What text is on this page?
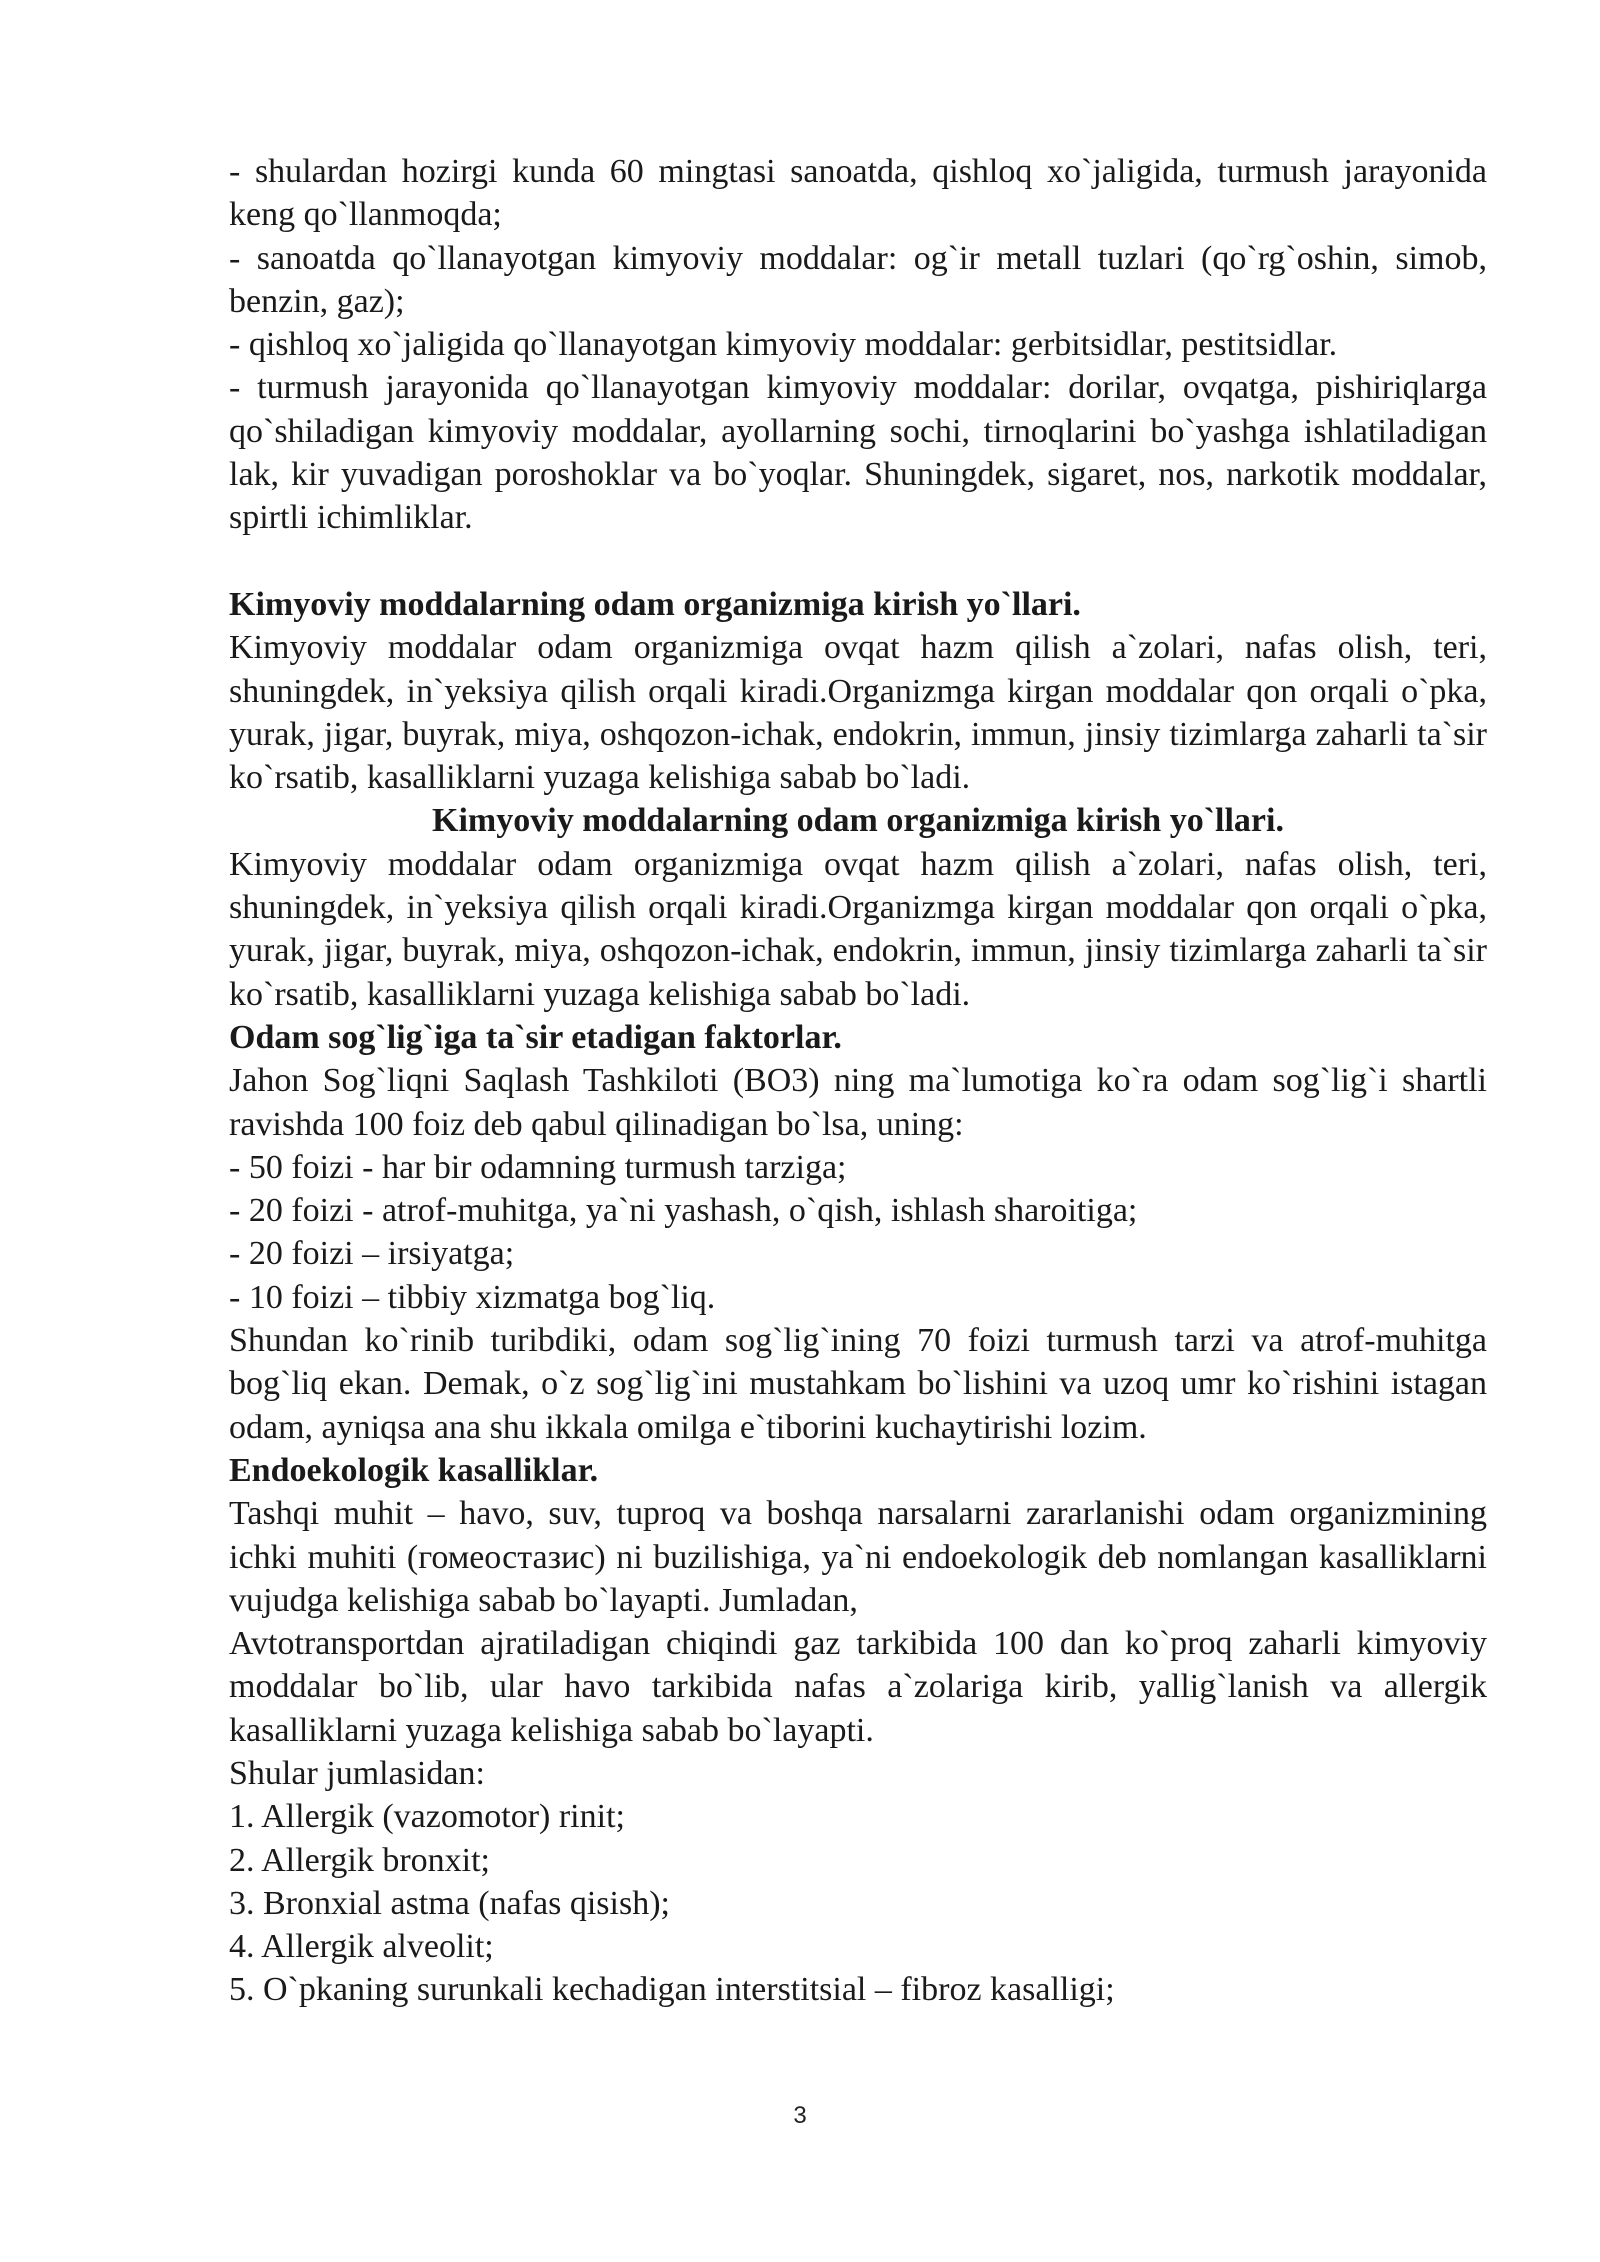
- shulardan hozirgi kunda 60 mingtasi sanoatda, qishloq xo`jaligida, turmush jarayonida keng qo`llanmoqda;

- sanoatda qo`llanayotgan kimyoviy moddalar: og`ir metall tuzlari (qo`rg`oshin, simob, benzin, gaz);

- qishloq xo`jaligida qo`llanayotgan kimyoviy moddalar: gerbitsidlar, pestitsidlar.

- turmush jarayonida qo`llanayotgan kimyoviy moddalar: dorilar, ovqatga, pishiriqlarga qo`shiladigan kimyoviy moddalar, ayollarning sochi, tirnoqlarini bo`yashga ishlatiladigan lak, kir yuvadigan poroshoklar va bo`yoqlar. Shuningdek, sigaret, nos, narkotik moddalar, spirtli ichimliklar.

Kimyoviy moddalarning odam organizmiga kirish yo`llari.

Kimyoviy moddalar odam organizmiga ovqat hazm qilish a`zolari, nafas olish, teri, shuningdek, in`yeksiya qilish orqali kiradi.Organizmga kirgan moddalar qon orqali o`pka, yurak, jigar, buyrak, miya, oshqozon-ichak, endokrin, immun, jinsiy tizimlarga zaharli ta`sir ko`rsatib, kasalliklarni yuzaga kelishiga sabab bo`ladi.

Kimyoviy moddalarning odam organizmiga kirish yo`llari.

Kimyoviy moddalar odam organizmiga ovqat hazm qilish a`zolari, nafas olish, teri, shuningdek, in`yeksiya qilish orqali kiradi.Organizmga kirgan moddalar qon orqali o`pka, yurak, jigar, buyrak, miya, oshqozon-ichak, endokrin, immun, jinsiy tizimlarga zaharli ta`sir ko`rsatib, kasalliklarni yuzaga kelishiga sabab bo`ladi.

Odam sog`lig`iga ta`sir etadigan faktorlar.

Jahon Sog`liqni Saqlash Tashkiloti (BO3) ning ma`lumotiga ko`ra odam sog`lig`i shartli ravishda 100 foiz deb qabul qilinadigan bo`lsa, uning:

- 50 foizi - har bir odamning turmush tarziga;
- 20 foizi - atrof-muhitga, ya`ni yashash, o`qish, ishlash sharoitiga;
- 20 foizi – irsiyatga;
- 10 foizi – tibbiy xizmatga bog`liq.

Shundan ko`rinib turibdiki, odam sog`lig`ining 70 foizi turmush tarzi va atrof-muhitga bog`liq ekan. Demak, o`z sog`lig`ini mustahkam bo`lishini va uzoq umr ko`rishini istagan odam, ayniqsa ana shu ikkala omilga e`tiborini kuchaytirishi lozim.

Endoekologik kasalliklar.

Tashqi muhit – havo, suv, tuproq va boshqa narsalarni zararlanishi odam organizmining ichki muhiti (гомеостазис) ni buzilishiga, ya`ni endoekologik deb nomlangan kasalliklarni vujudga kelishiga sabab bo`layapti. Jumladan,

Avtotransportdan ajratiladigan chiqindi gaz tarkibida 100 dan ko`proq zaharli kimyoviy moddalar bo`lib, ular havo tarkibida nafas a`zolariga kirib, yallig`lanish va allergik kasalliklarni yuzaga kelishiga sabab bo`layapti.

Shular jumlasidan:
1. Allergik (vazomotor) rinit;
2. Allergik bronxit;
3. Bronxial astma (nafas qisish);
4. Allergik alveolit;
5. O`pkaning surunkali kechadigan interstitsial – fibroz kasalligi;
3
